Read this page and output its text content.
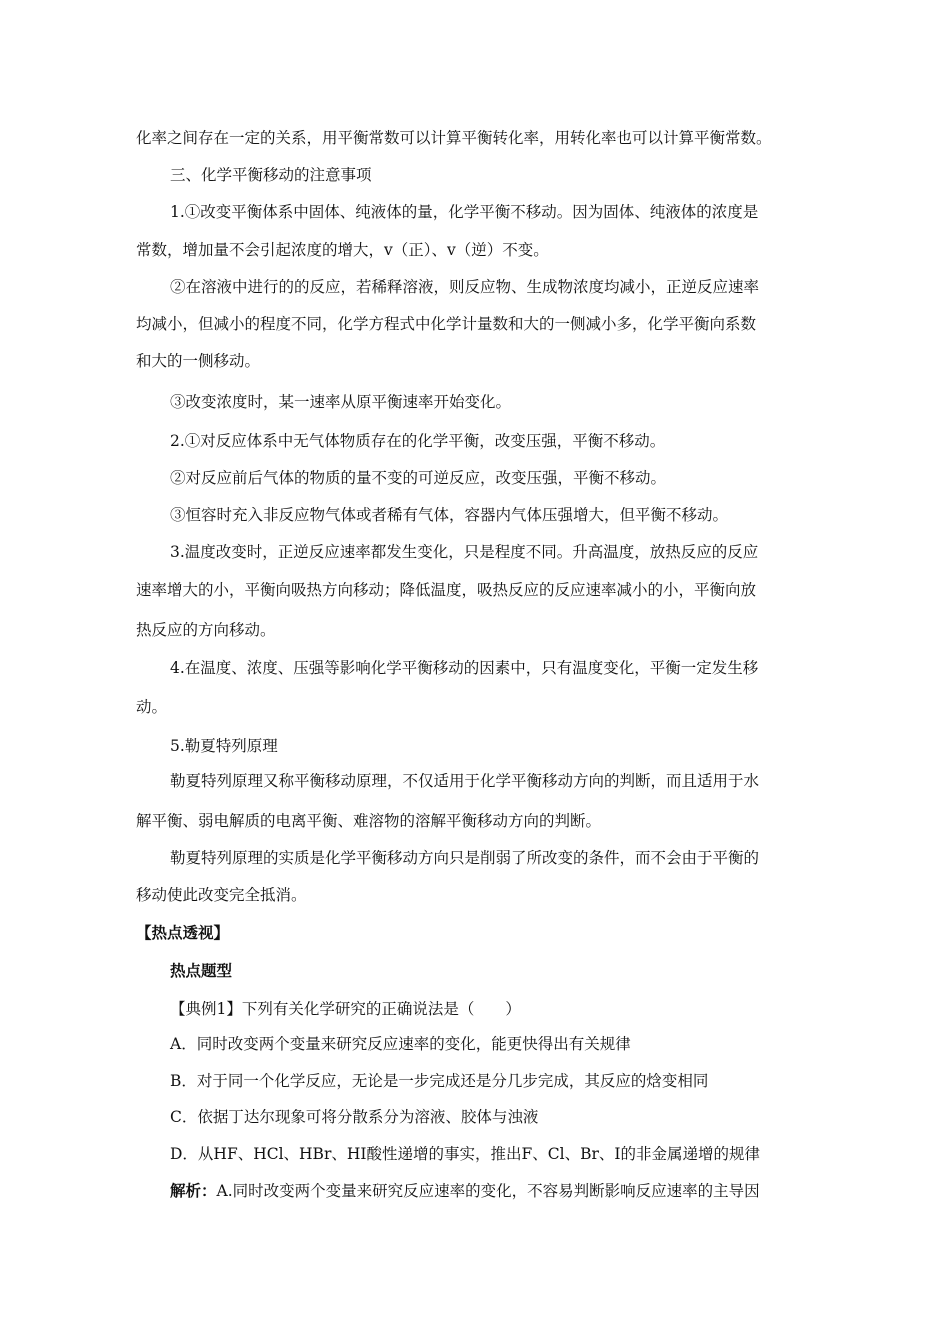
化率之间存在一定的关系，用平衡常数可以计算平衡转化率，用转化率也可以计算平衡常数。
三、化学平衡移动的注意事项
1.①改变平衡体系中固体、纯液体的量，化学平衡不移动。因为固体、纯液体的浓度是
常数，增加量不会引起浓度的增大，v（正）、v（逆）不变。
②在溶液中进行的的反应，若稀释溶液，则反应物、生成物浓度均减小，正逆反应速率
均减小，但减小的程度不同，化学方程式中化学计量数和大的一侧减小多，化学平衡向系数
和大的一侧移动。
③改变浓度时，某一速率从原平衡速率开始变化。
2.①对反应体系中无气体物质存在的化学平衡，改变压强，平衡不移动。
②对反应前后气体的物质的量不变的可逆反应，改变压强，平衡不移动。
③恒容时充入非反应物气体或者稀有气体，容器内气体压强增大，但平衡不移动。
3.温度改变时，正逆反应速率都发生变化，只是程度不同。升高温度，放热反应的反应
速率增大的小，平衡向吸热方向移动；降低温度，吸热反应的反应速率减小的小，平衡向放
热反应的方向移动。
4.在温度、浓度、压强等影响化学平衡移动的因素中，只有温度变化，平衡一定发生移
动。
5.勒夏特列原理
勒夏特列原理又称平衡移动原理，不仅适用于化学平衡移动方向的判断，而且适用于水
解平衡、弱电解质的电离平衡、难溶物的溶解平衡移动方向的判断。
勒夏特列原理的实质是化学平衡移动方向只是削弱了所改变的条件，而不会由于平衡的
移动使此改变完全抵消。
【热点透视】
热点题型
【典例1】下列有关化学研究的正确说法是（　　）
A．同时改变两个变量来研究反应速率的变化，能更快得出有关规律
B．对于同一个化学反应，无论是一步完成还是分几步完成，其反应的焓变相同
C．依据丁达尔现象可将分散系分为溶液、胶体与浊液
D．从HF、HCl、HBr、HI酸性递增的事实，推出F、Cl、Br、I的非金属递增的规律
解析：A.同时改变两个变量来研究反应速率的变化，不容易判断影响反应速率的主导因
